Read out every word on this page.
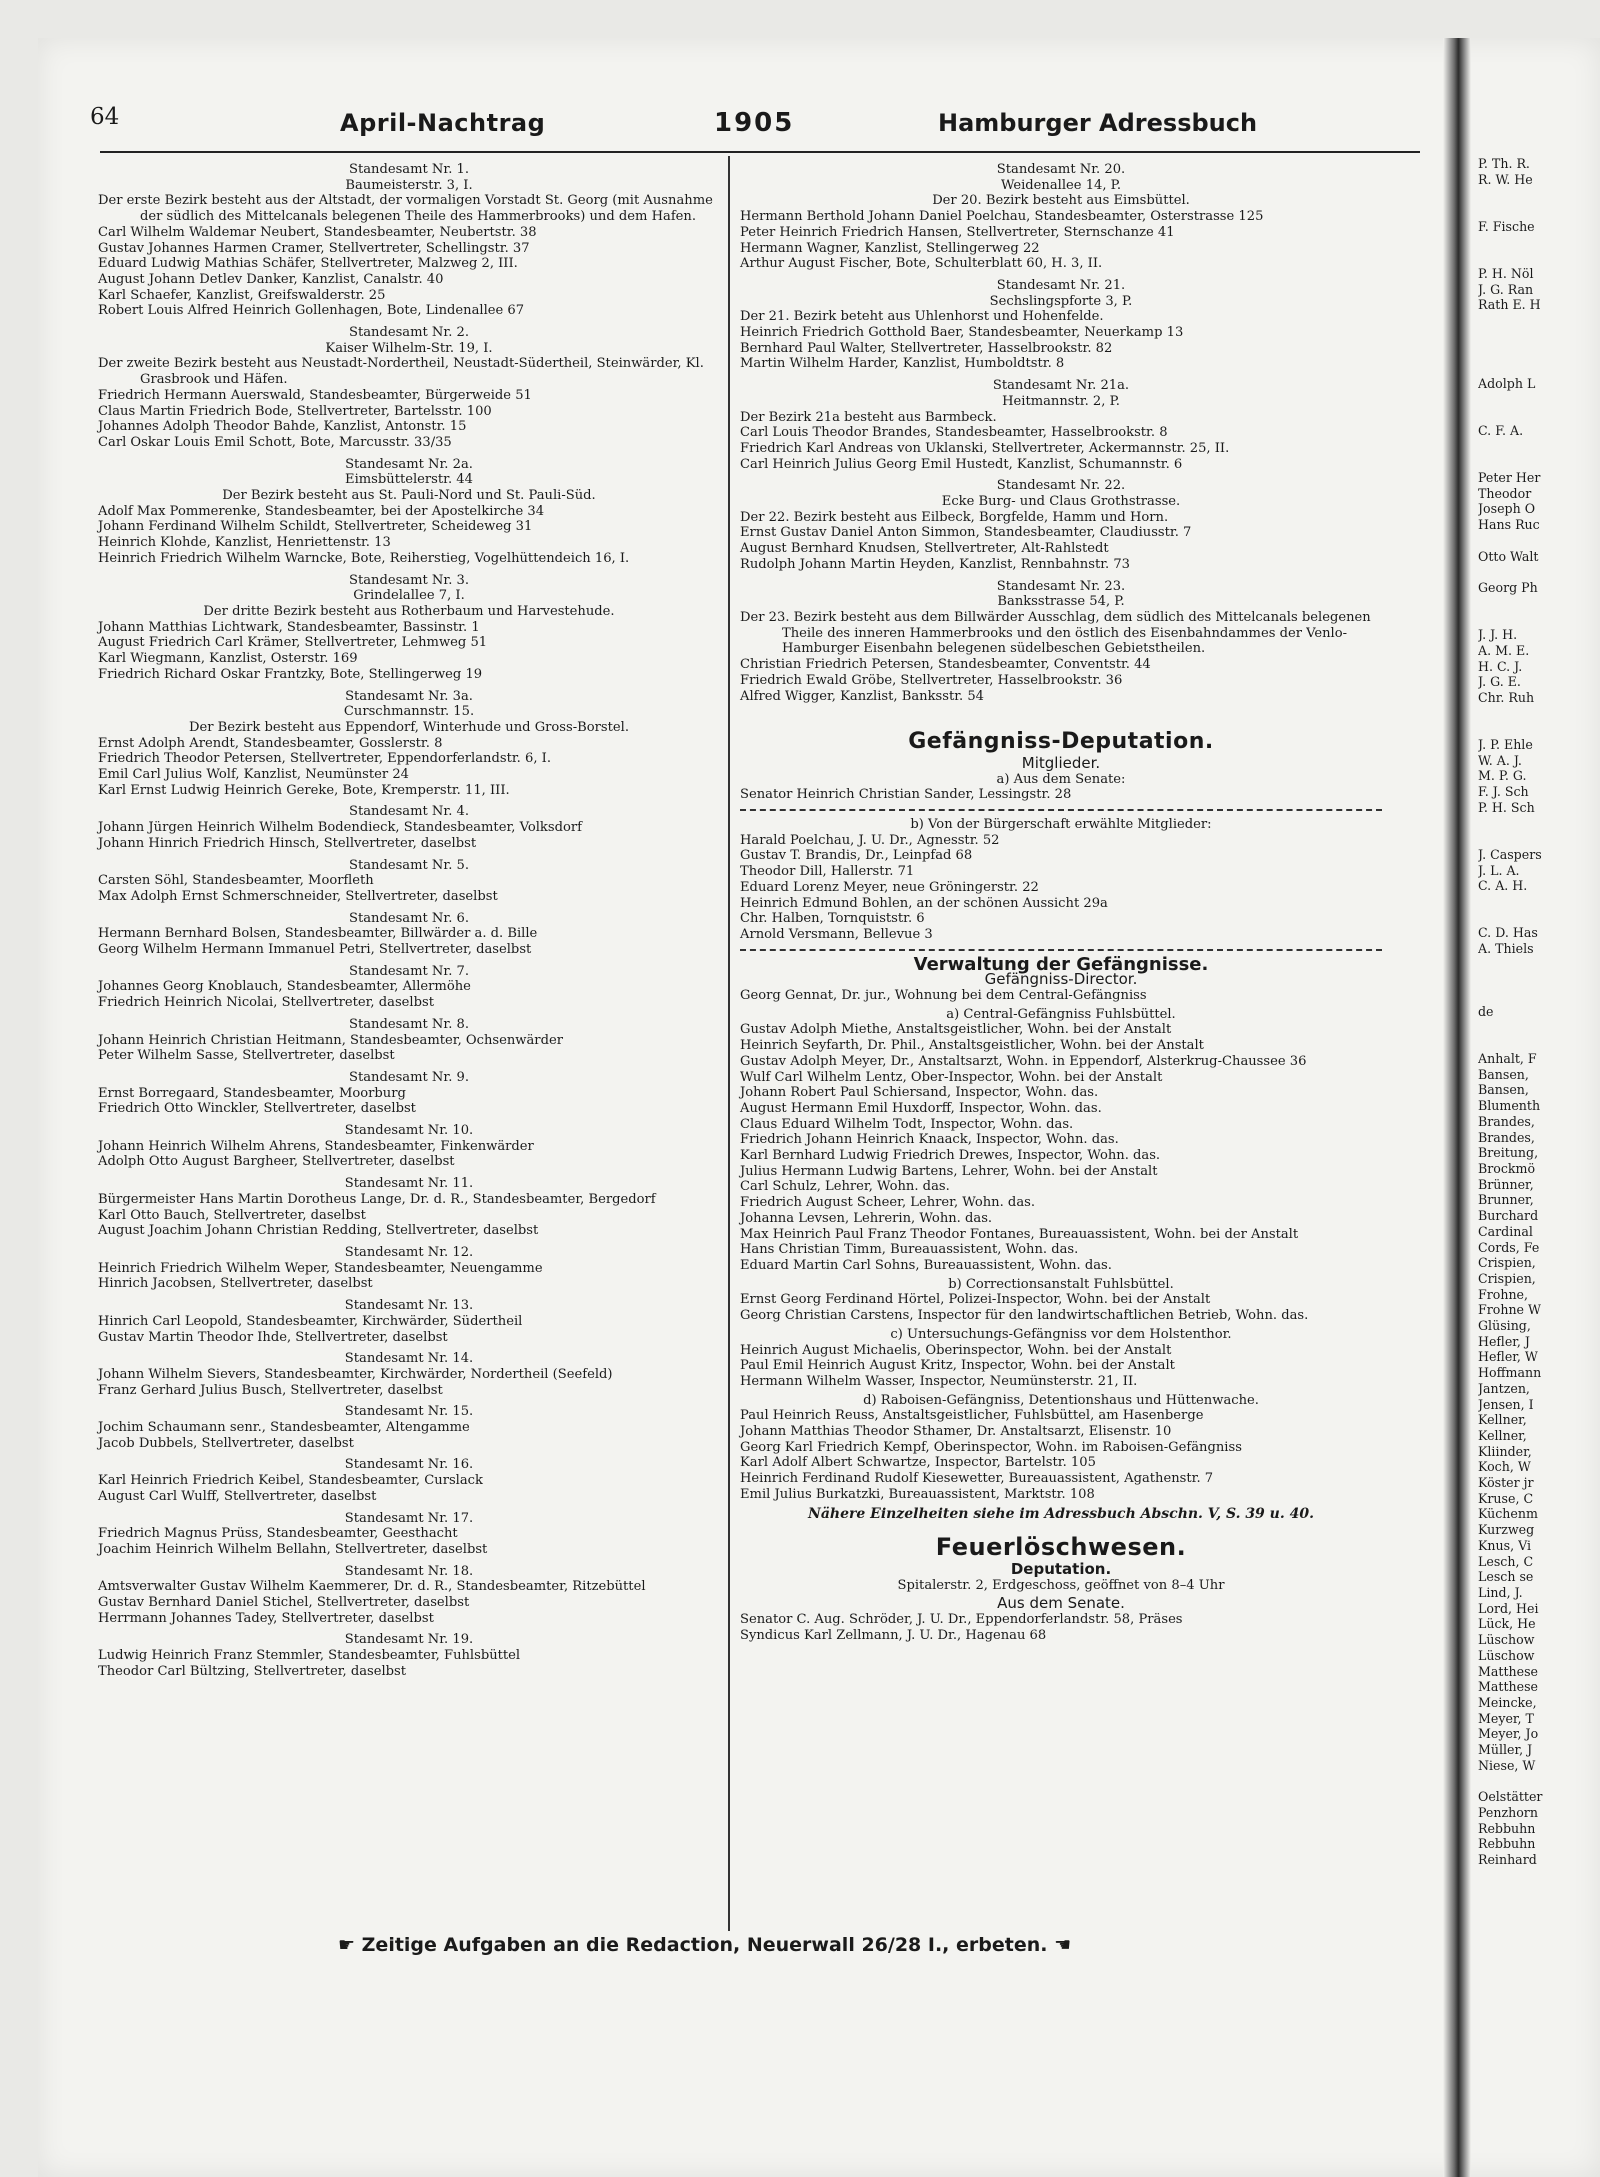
64	April-Nachtrag	1905	Hamburger Adressbuch

Standesamt Nr. 1.

Baumeisterstr. 3, I.

Der erste Bezirk besteht aus der Altstadt, der vormaligen Vorstadt St. Georg (mit Ausnahme der südlich des Mittelcanals belegenen Theile des Hammerbrooks) und dem Hafen.

Carl Wilhelm Waldemar Neubert, Standesbeamter, Neubertstr. 38

Gustav Johannes Harmen Cramer, Stellvertreter, Schellingstr. 37

Eduard Ludwig Mathias Schäfer, Stellvertreter, Malzweg 2, III.

August Johann Detlev Danker, Kanzlist, Canalstr. 40

Karl Schaefer, Kanzlist, Greifswalderstr. 25

Robert Louis Alfred Heinrich Gollenhagen, Bote, Lindenallee 67

Standesamt Nr. 2.

Kaiser Wilhelm-Str. 19, I.

Der zweite Bezirk besteht aus Neustadt-Nordertheil, Neustadt-Südertheil, Steinwärder, Kl. Grasbrook und Häfen.

Friedrich Hermann Auerswald, Standesbeamter, Bürgerweide 51

Claus Martin Friedrich Bode, Stellvertreter, Bartelsstr. 100

Johannes Adolph Theodor Bahde, Kanzlist, Antonstr. 15

Carl Oskar Louis Emil Schott, Bote, Marcusstr. 33/35

Standesamt Nr. 2a.

Eimsbüttelerstr. 44

Der Bezirk besteht aus St. Pauli-Nord und St. Pauli-Süd.

Adolf Max Pommerenke, Standesbeamter, bei der Apostelkirche 34

Johann Ferdinand Wilhelm Schildt, Stellvertreter, Scheideweg 31

Heinrich Klohde, Kanzlist, Henriettenstr. 13

Heinrich Friedrich Wilhelm Warncke, Bote, Reiherstieg, Vogelhüttendeich 16, I.

Standesamt Nr. 3.

Grindelallee 7, I.

Der dritte Bezirk besteht aus Rotherbaum und Harvestehude.

Johann Matthias Lichtwark, Standesbeamter, Bassinstr. 1

August Friedrich Carl Krämer, Stellvertreter, Lehmweg 51

Karl Wiegmann, Kanzlist, Osterstr. 169

Friedrich Richard Oskar Frantzky, Bote, Stellingerweg 19

Standesamt Nr. 3a.

Curschmannstr. 15.

Der Bezirk besteht aus Eppendorf, Winterhude und Gross-Borstel.

Ernst Adolph Arendt, Standesbeamter, Gosslerstr. 8

Friedrich Theodor Petersen, Stellvertreter, Eppendorferlandstr. 6, I.

Emil Carl Julius Wolf, Kanzlist, Neumünster 24

Karl Ernst Ludwig Heinrich Gereke, Bote, Kremperstr. 11, III.

Standesamt Nr. 4.

Johann Jürgen Heinrich Wilhelm Bodendieck, Standesbeamter, Volksdorf

Johann Hinrich Friedrich Hinsch, Stellvertreter, daselbst

Standesamt Nr. 5.

Carsten Söhl, Standesbeamter, Moorfleth

Max Adolph Ernst Schmerschneider, Stellvertreter, daselbst

Standesamt Nr. 6.

Hermann Bernhard Bolsen, Standesbeamter, Billwärder a. d. Bille

Georg Wilhelm Hermann Immanuel Petri, Stellvertreter, daselbst

Standesamt Nr. 7.

Johannes Georg Knoblauch, Standesbeamter, Allermöhe

Friedrich Heinrich Nicolai, Stellvertreter, daselbst

Standesamt Nr. 8.

Johann Heinrich Christian Heitmann, Standesbeamter, Ochsenwärder

Peter Wilhelm Sasse, Stellvertreter, daselbst

Standesamt Nr. 9.

Ernst Borregaard, Standesbeamter, Moorburg

Friedrich Otto Winckler, Stellvertreter, daselbst

Standesamt Nr. 10.

Johann Heinrich Wilhelm Ahrens, Standesbeamter, Finkenwärder

Adolph Otto August Bargheer, Stellvertreter, daselbst

Standesamt Nr. 11.

Bürgermeister Hans Martin Dorotheus Lange, Dr. d. R., Standesbeamter, Bergedorf

Karl Otto Bauch, Stellvertreter, daselbst

August Joachim Johann Christian Redding, Stellvertreter, daselbst

Standesamt Nr. 12.

Heinrich Friedrich Wilhelm Weper, Standesbeamter, Neuengamme

Hinrich Jacobsen, Stellvertreter, daselbst

Standesamt Nr. 13.

Hinrich Carl Leopold, Standesbeamter, Kirchwärder, Südertheil

Gustav Martin Theodor Ihde, Stellvertreter, daselbst

Standesamt Nr. 14.

Johann Wilhelm Sievers, Standesbeamter, Kirchwärder, Nordertheil (Seefeld)

Franz Gerhard Julius Busch, Stellvertreter, daselbst

Standesamt Nr. 15.

Jochim Schaumann senr., Standesbeamter, Altengamme

Jacob Dubbels, Stellvertreter, daselbst

Standesamt Nr. 16.

Karl Heinrich Friedrich Keibel, Standesbeamter, Curslack

August Carl Wulff, Stellvertreter, daselbst

Standesamt Nr. 17.

Friedrich Magnus Prüss, Standesbeamter, Geesthacht

Joachim Heinrich Wilhelm Bellahn, Stellvertreter, daselbst

Standesamt Nr. 18.

Amtsverwalter Gustav Wilhelm Kaemmerer, Dr. d. R., Standesbeamter, Ritzebüttel

Gustav Bernhard Daniel Stichel, Stellvertreter, daselbst

Herrmann Johannes Tadey, Stellvertreter, daselbst

Standesamt Nr. 19.

Ludwig Heinrich Franz Stemmler, Standesbeamter, Fuhlsbüttel

Theodor Carl Bültzing, Stellvertreter, daselbst

Standesamt Nr. 20.

Weidenallee 14, P.

Der 20. Bezirk besteht aus Eimsbüttel.

Hermann Berthold Johann Daniel Poelchau, Standesbeamter, Osterstrasse 125

Peter Heinrich Friedrich Hansen, Stellvertreter, Sternschanze 41

Hermann Wagner, Kanzlist, Stellingerweg 22

Arthur August Fischer, Bote, Schulterblatt 60, H. 3, II.

Standesamt Nr. 21.

Sechslingspforte 3, P.

Der 21. Bezirk beteht aus Uhlenhorst und Hohenfelde.

Heinrich Friedrich Gotthold Baer, Standesbeamter, Neuerkamp 13

Bernhard Paul Walter, Stellvertreter, Hasselbrookstr. 82

Martin Wilhelm Harder, Kanzlist, Humboldtstr. 8

Standesamt Nr. 21a.

Heitmannstr. 2, P.

Der Bezirk 21a besteht aus Barmbeck.

Carl Louis Theodor Brandes, Standesbeamter, Hasselbrookstr. 8

Friedrich Karl Andreas von Uklanski, Stellvertreter, Ackermannstr. 25, II.

Carl Heinrich Julius Georg Emil Hustedt, Kanzlist, Schumannstr. 6

Standesamt Nr. 22.

Ecke Burg- und Claus Grothstrasse.

Der 22. Bezirk besteht aus Eilbeck, Borgfelde, Hamm und Horn.

Ernst Gustav Daniel Anton Simmon, Standesbeamter, Claudiusstr. 7

August Bernhard Knudsen, Stellvertreter, Alt-Rahlstedt

Rudolph Johann Martin Heyden, Kanzlist, Rennbahnstr. 73

Standesamt Nr. 23.

Banksstrasse 54, P.

Der 23. Bezirk besteht aus dem Billwärder Ausschlag, dem südlich des Mittelcanals belegenen Theile des inneren Hammerbrooks und den östlich des Eisenbahndammes der Venlo-Hamburger Eisenbahn belegenen südelbeschen Gebietstheilen.

Christian Friedrich Petersen, Standesbeamter, Conventstr. 44

Friedrich Ewald Gröbe, Stellvertreter, Hasselbrookstr. 36

Alfred Wigger, Kanzlist, Banksstr. 54

Gefängniss-Deputation.

Mitglieder.

a) Aus dem Senate:

Senator Heinrich Christian Sander, Lessingstr. 28

b) Von der Bürgerschaft erwählte Mitglieder:

Harald Poelchau, J. U. Dr., Agnesstr. 52

Gustav T. Brandis, Dr., Leinpfad 68

Theodor Dill, Hallerstr. 71

Eduard Lorenz Meyer, neue Gröningerstr. 22

Heinrich Edmund Bohlen, an der schönen Aussicht 29a

Chr. Halben, Tornquiststr. 6

Arnold Versmann, Bellevue 3

Verwaltung der Gefängnisse.

Gefängniss-Director.

Georg Gennat, Dr. jur., Wohnung bei dem Central-Gefängniss

a) Central-Gefängniss Fuhlsbüttel.

Gustav Adolph Miethe, Anstaltsgeistlicher, Wohn. bei der Anstalt

Heinrich Seyfarth, Dr. Phil., Anstaltsgeistlicher, Wohn. bei der Anstalt

Gustav Adolph Meyer, Dr., Anstaltsarzt, Wohn. in Eppendorf, Alsterkrug-Chaussee 36

Wulf Carl Wilhelm Lentz, Ober-Inspector, Wohn. bei der Anstalt

Johann Robert Paul Schiersand, Inspector, Wohn. das.

August Hermann Emil Huxdorff, Inspector, Wohn. das.

Claus Eduard Wilhelm Todt, Inspector, Wohn. das.

Friedrich Johann Heinrich Knaack, Inspector, Wohn. das.

Karl Bernhard Ludwig Friedrich Drewes, Inspector, Wohn. das.

Julius Hermann Ludwig Bartens, Lehrer, Wohn. bei der Anstalt

Carl Schulz, Lehrer, Wohn. das.

Friedrich August Scheer, Lehrer, Wohn. das.

Johanna Levsen, Lehrerin, Wohn. das.

Max Heinrich Paul Franz Theodor Fontanes, Bureauassistent, Wohn. bei der Anstalt

Hans Christian Timm, Bureauassistent, Wohn. das.

Eduard Martin Carl Sohns, Bureauassistent, Wohn. das.

b) Correctionsanstalt Fuhlsbüttel.

Ernst Georg Ferdinand Hörtel, Polizei-Inspector, Wohn. bei der Anstalt

Georg Christian Carstens, Inspector für den landwirtschaftlichen Betrieb, Wohn. das.

c) Untersuchungs-Gefängniss vor dem Holstenthor.

Heinrich August Michaelis, Oberinspector, Wohn. bei der Anstalt

Paul Emil Heinrich August Kritz, Inspector, Wohn. bei der Anstalt

Hermann Wilhelm Wasser, Inspector, Neumünsterstr. 21, II.

d) Raboisen-Gefängniss, Detentionshaus und Hüttenwache.

Paul Heinrich Reuss, Anstaltsgeistlicher, Fuhlsbüttel, am Hasenberge

Johann Matthias Theodor Sthamer, Dr. Anstaltsarzt, Elisenstr. 10

Georg Karl Friedrich Kempf, Oberinspector, Wohn. im Raboisen-Gefängniss

Karl Adolf Albert Schwartze, Inspector, Bartelstr. 105

Heinrich Ferdinand Rudolf Kiesewetter, Bureauassistent, Agathenstr. 7

Emil Julius Burkatzki, Bureauassistent, Marktstr. 108

Nähere Einzelheiten siehe im Adressbuch Abschn. V, S. 39 u. 40.

Feuerlöschwesen.

Deputation.

Spitalerstr. 2, Erdgeschoss, geöffnet von 8–4 Uhr

Aus dem Senate.

Senator C. Aug. Schröder, J. U. Dr., Eppendorferlandstr. 58, Präses

Syndicus Karl Zellmann, J. U. Dr., Hagenau 68

☛ Zeitige Aufgaben an die Redaction, Neuerwall 26/28 I., erbeten. ☚

P. Th. R.

R. W. He

F. Fische

P. H. Nöl

J. G. Ran

Rath E. H

Adolph L

C. F. A.

Peter Her

Theodor

Joseph O

Hans Ruc

Otto Walt

Georg Ph

J. J. H.

A. M. E.

H. C. J.

J. G. E.

Chr. Ruh

J. P. Ehle

W. A. J.

M. P. G.

F. J. Sch

P. H. Sch

J. Caspers

J. L. A.

C. A. H.

C. D. Has

A. Thiels

de

Anhalt, F

Bansen,

Bansen,

Blumenth

Brandes,

Brandes,

Breitung,

Brockmö

Brünner,

Brunner,

Burchard

Cardinal

Cords, Fe

Crispien,

Crispien,

Frohne,

Frohne W

Glüsing,

Hefler, J

Hefler, W

Hoffmann

Jantzen,

Jensen, I

Kellner,

Kellner,

Kliinder,

Koch, W

Köster jr

Kruse, C

Küchenm

Kurzweg

Knus, Vi

Lesch, C

Lesch se

Lind, J.

Lord, Hei

Lück, He

Lüschow

Lüschow

Matthese

Matthese

Meincke,

Meyer, T

Meyer, Jo

Müller, J

Niese, W

Oelstätter

Penzhorn

Rebbuhn

Rebbuhn

Reinhard
